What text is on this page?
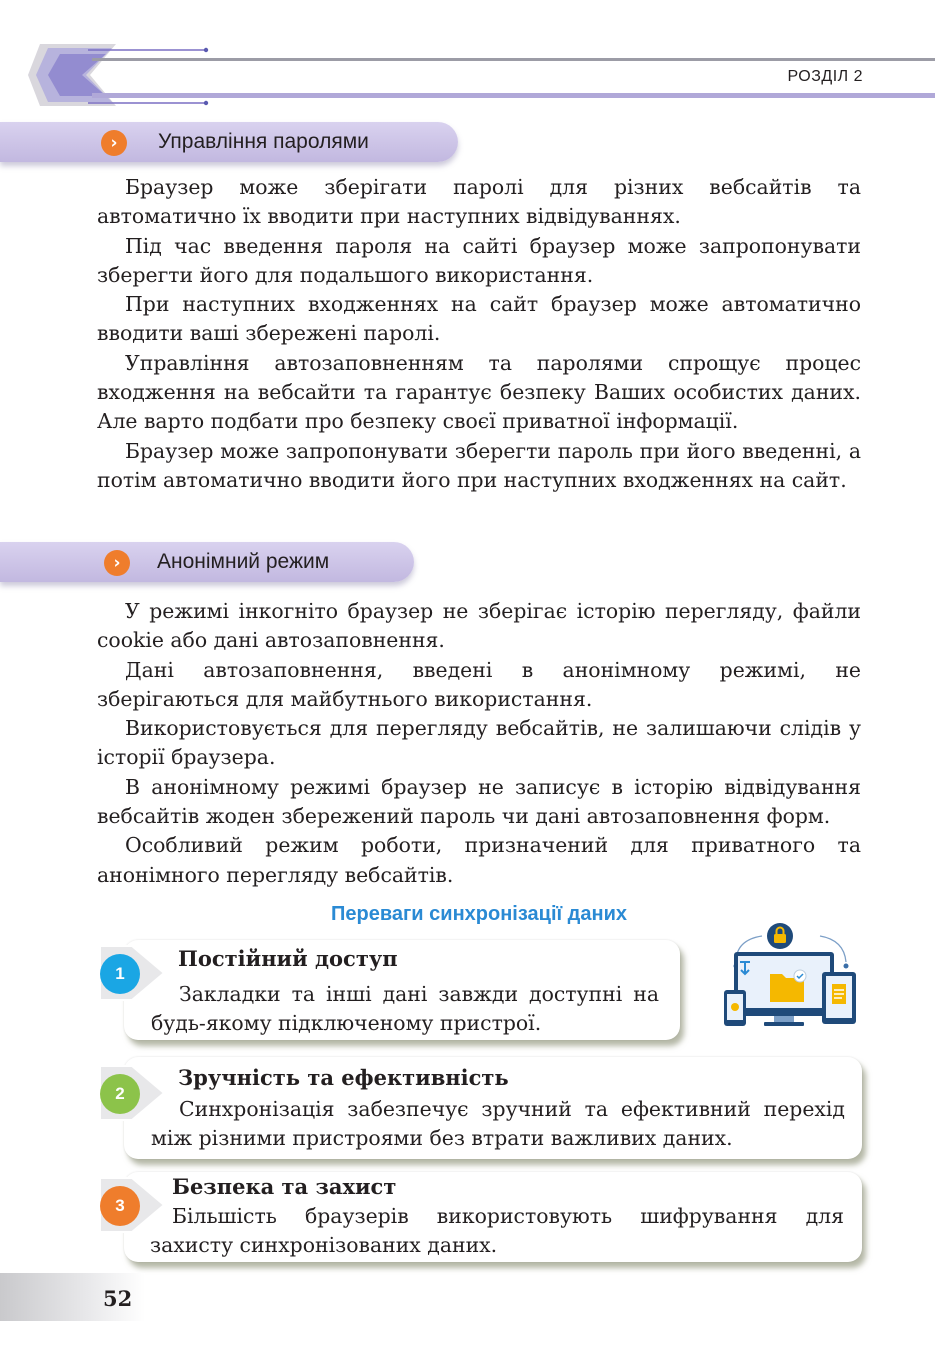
РОЗДІЛ 2
›	Управління паролями

Браузер може зберігати паролі для різних вебсайтів та автоматично їх вводити при наступних відвідуваннях.

Під час введення пароля на сайті браузер може запропонувати зберегти його для подальшого використання.

При наступних входженнях на сайт браузер може автоматично вводити ваші збережені паролі.

Управління автозаповненням та паролями спрощує процес входження на вебсайти та гарантує безпеку Ваших особистих даних. Але варто подбати про безпеку своєї приватної інформації.

Браузер може запропонувати зберегти пароль при його введенні, а потім автоматично вводити його при наступних входженнях на сайт.

›	Анонімний режим

У режимі інкогніто браузер не зберігає історію перегляду, файли cookie або дані автозаповнення.

Дані автозаповнення, введені в анонімному режимі, не зберігаються для майбутнього використання.

Використовується для перегляду вебсайтів, не залишаючи слідів у історії браузера.

В анонімному режимі браузер не записує в історію відвідування вебсайтів жоден збережений пароль чи дані автозаповнення форм.

Особливий режим роботи, призначений для приватного та анонімного перегляду вебсайтів.

Переваги синхронізації даних
Постійний доступ
Закладки та інші дані завжди доступні на будь-якому підключеному пристрої.
1
Зручність та ефективність
Синхронізація забезпечує зручний та ефективний перехід між різними пристроями без втрати важливих даних.
2
Безпека та захист
Більшість браузерів використовують шифрування для захисту синхронізованих даних.
3
52
